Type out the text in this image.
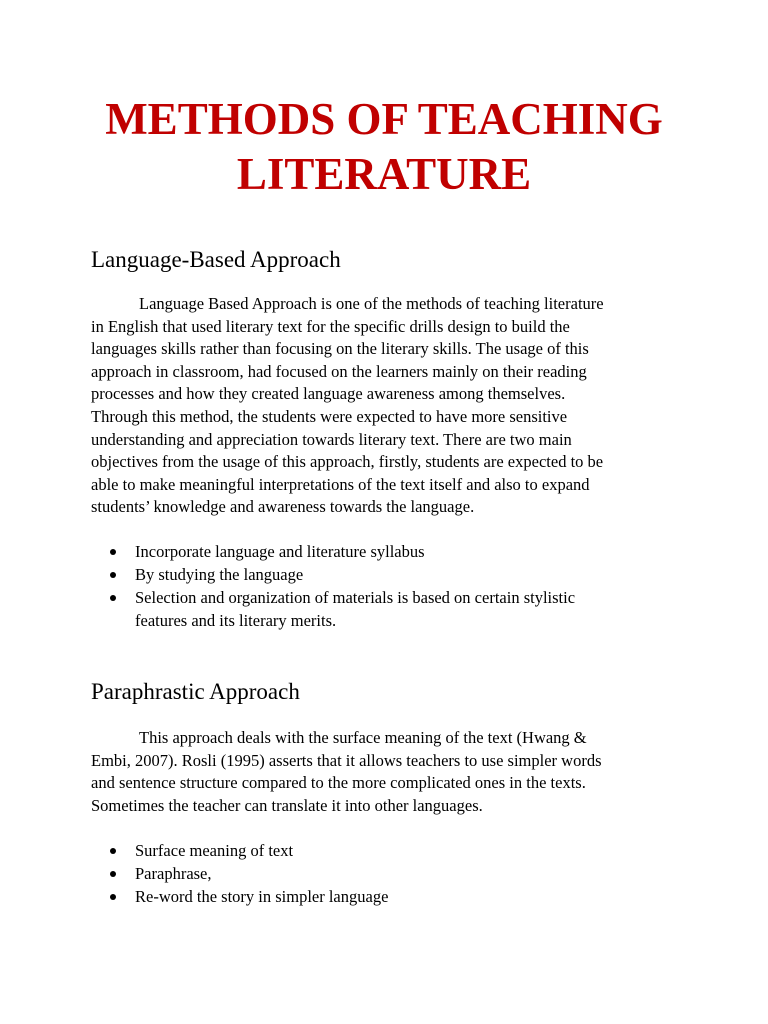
METHODS OF TEACHING
LITERATURE
Language-Based Approach
Language Based Approach is one of the methods of teaching literature
in English that used literary text for the specific drills design to build the
languages skills rather than focusing on the literary skills. The usage of this
approach in classroom, had focused on the learners mainly on their reading
processes and how they created language awareness among themselves.
Through this method, the students were expected to have more sensitive
understanding and appreciation towards literary text. There are two main
objectives from the usage of this approach, firstly, students are expected to be
able to make meaningful interpretations of the text itself and also to expand
students’ knowledge and awareness towards the language.
Incorporate language and literature syllabus
By studying the language
Selection and organization of materials is based on certain stylistic
features and its literary merits.
Paraphrastic Approach
This approach deals with the surface meaning of the text (Hwang &
Embi, 2007). Rosli (1995) asserts that it allows teachers to use simpler words
and sentence structure compared to the more complicated ones in the texts.
Sometimes the teacher can translate it into other languages.
Surface meaning of text
Paraphrase,
Re-word the story in simpler language
